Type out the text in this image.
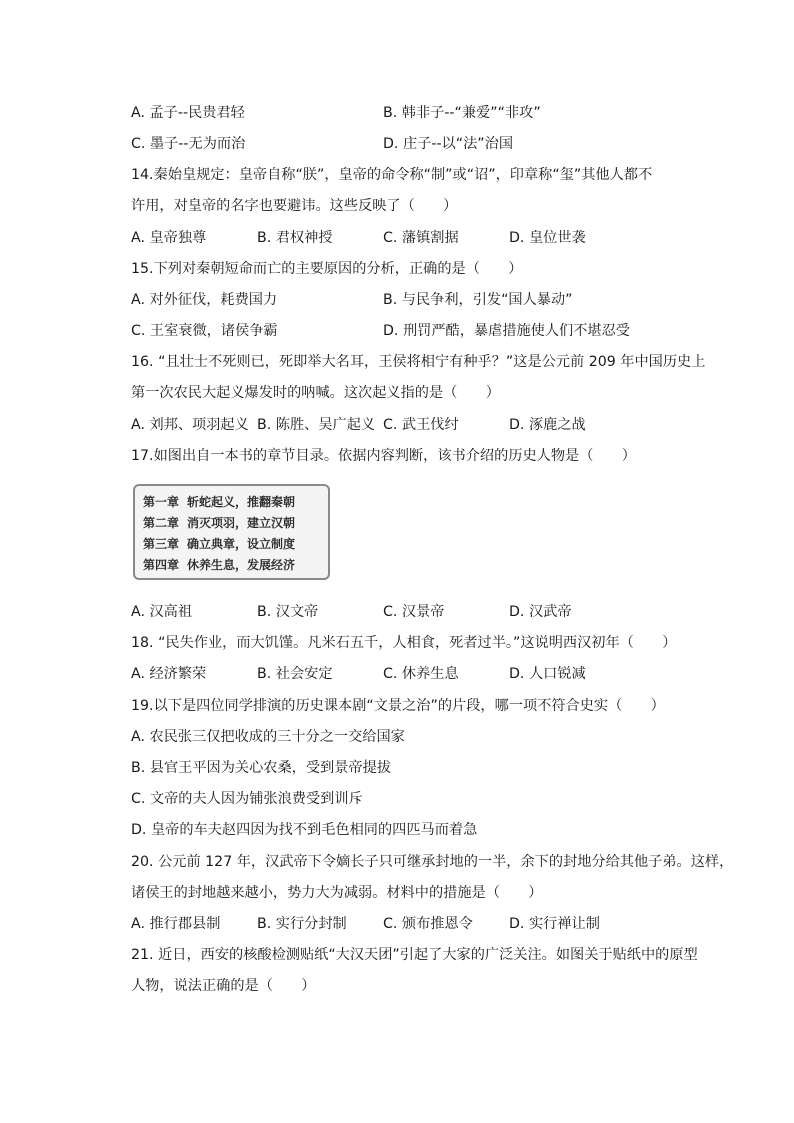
A. 孟子--民贵君轻	B. 韩非子--“兼爱”“非攻”
C. 墨子--无为而治	D. 庄子--以“法”治国
14.秦始皇规定：皇帝自称“朕”，皇帝的命令称“制”或“诏”，印章称“玺”其他人都不
许用，对皇帝的名字也要避讳。这些反映了（　　）
A. 皇帝独尊	B. 君权神授	C. 藩镇割据	D. 皇位世袭
15.下列对秦朝短命而亡的主要原因的分析，正确的是（　　）
A. 对外征伐，耗费国力	B. 与民争利，引发“国人暴动”
C. 王室衰微，诸侯争霸	D. 刑罚严酷，暴虐措施使人们不堪忍受
16. “且壮士不死则已，死即举大名耳，王侯将相宁有种乎？”这是公元前 209 年中国历史上
第一次农民大起义爆发时的呐喊。这次起义指的是（　　）
A. 刘邦、项羽起义 B. 陈胜、吴广起义 C. 武王伐纣	D. 涿鹿之战
17.如图出自一本书的章节目录。依据内容判断，该书介绍的历史人物是（　　）
第一章 斩蛇起义，推翻秦朝
第二章 消灭项羽，建立汉朝
第三章 确立典章，设立制度
第四章 休养生息，发展经济
A. 汉高祖	B. 汉文帝	C. 汉景帝	D. 汉武帝
18. “民失作业，而大饥馑。凡米石五千，人相食，死者过半。”这说明西汉初年（　　）
A. 经济繁荣	B. 社会安定	C. 休养生息	D. 人口锐减
19.以下是四位同学排演的历史课本剧“文景之治”的片段，哪一项不符合史实（　　）
A. 农民张三仅把收成的三十分之一交给国家
B. 县官王平因为关心农桑，受到景帝提拔
C. 文帝的夫人因为铺张浪费受到训斥
D. 皇帝的车夫赵四因为找不到毛色相同的四匹马而着急
20. 公元前 127 年，汉武帝下令嫡长子只可继承封地的一半，余下的封地分给其他子弟。这样，
诸侯王的封地越来越小，势力大为减弱。材料中的措施是（　　）
A. 推行郡县制	B. 实行分封制	C. 颁布推恩令	D. 实行禅让制
21. 近日，西安的核酸检测贴纸“大汉天团”引起了大家的广泛关注。如图关于贴纸中的原型
人物，说法正确的是（　　）
